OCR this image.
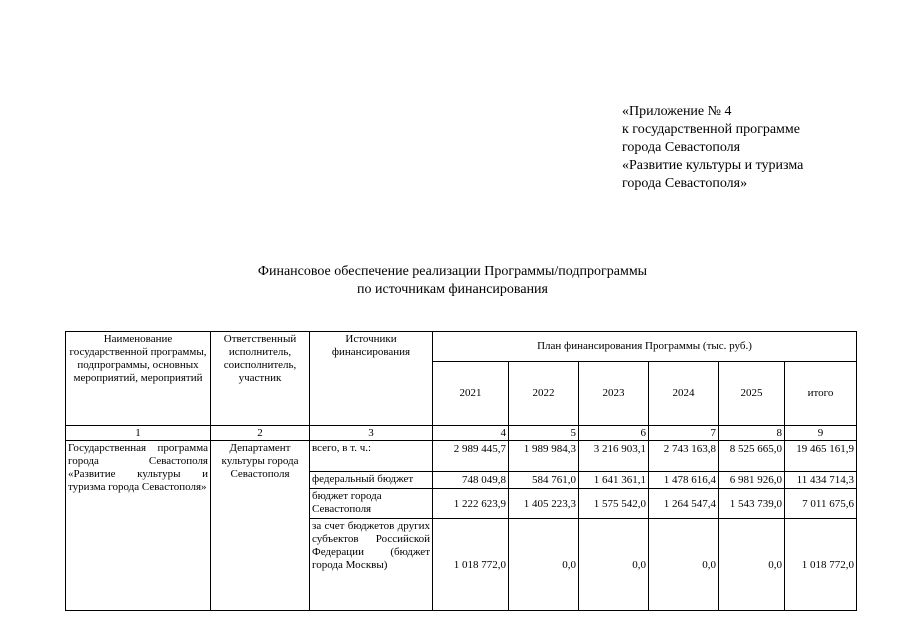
«Приложение № 4
к государственной программе
города Севастополя
«Развитие культуры и туризма
города Севастополя»
Финансовое обеспечение реализации Программы/подпрограммы
по источникам финансирования
Наименование государственной программы, подпрограммы, основных мероприятий, мероприятий	Ответственный исполнитель, соисполнитель, участник	Источники финансирования	План финансирования Программы (тыс. руб.)					
			2021	2022	2023	2024	2025	итого
1	2	3	4	5	6	7	8	9
Государственная программа города Севастополя «Развитие культуры и туризма города Севастополя»	Департамент культуры города Севастополя	всего, в т. ч.:	2 989 445,7	1 989 984,3	3 216 903,1	2 743 163,8	8 525 665,0	19 465 161,9
		федеральный бюджет	748 049,8	584 761,0	1 641 361,1	1 478 616,4	6 981 926,0	11 434 714,3
		бюджет города Севастополя	1 222 623,9	1 405 223,3	1 575 542,0	1 264 547,4	1 543 739,0	7 011 675,6
		за счет бюджетов других субъектов Российской Федерации (бюджет города Москвы)	1 018 772,0	0,0	0,0	0,0	0,0	1 018 772,0
